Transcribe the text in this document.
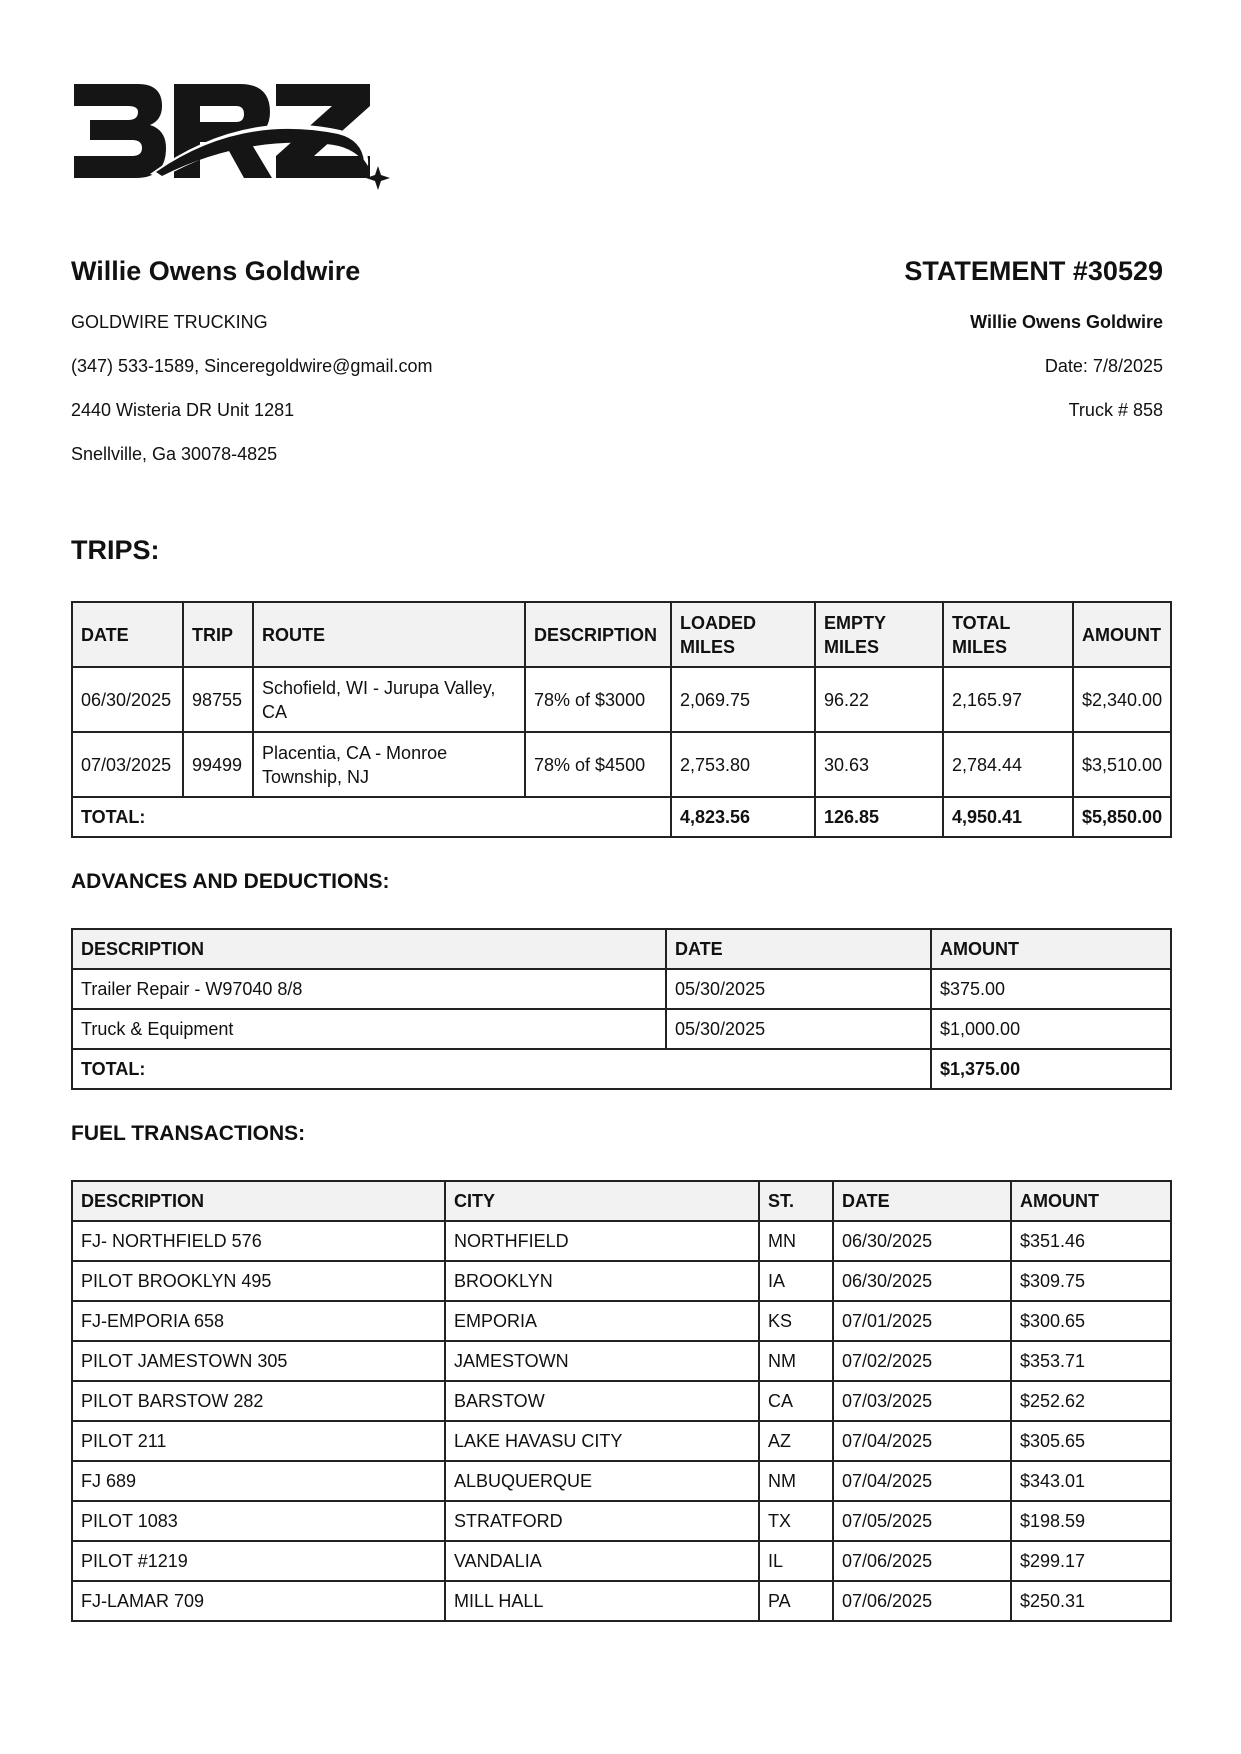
Willie Owens Goldwire

GOLDWIRE TRUCKING

(347) 533-1589, Sinceregoldwire@gmail.com

2440 Wisteria DR Unit 1281

Snellville, Ga 30078-4825

STATEMENT #30529

Willie Owens Goldwire

Date: 7/8/2025

Truck # 858

TRIPS:

DATE	TRIP	ROUTE	DESCRIPTION	LOADED MILES	EMPTY MILES	TOTAL MILES	AMOUNT
06/30/2025	98755	Schofield, WI - Jurupa Valley, CA	78% of $3000	2,069.75	96.22	2,165.97	$2,340.00
07/03/2025	99499	Placentia, CA - Monroe Township, NJ	78% of $4500	2,753.80	30.63	2,784.44	$3,510.00
TOTAL:				4,823.56	126.85	4,950.41	$5,850.00

ADVANCES AND DEDUCTIONS:

DESCRIPTION	DATE	AMOUNT
Trailer Repair - W97040 8/8	05/30/2025	$375.00
Truck & Equipment	05/30/2025	$1,000.00
TOTAL:		$1,375.00

FUEL TRANSACTIONS:

DESCRIPTION	CITY	ST.	DATE	AMOUNT
FJ- NORTHFIELD 576	NORTHFIELD	MN	06/30/2025	$351.46
PILOT BROOKLYN 495	BROOKLYN	IA	06/30/2025	$309.75
FJ-EMPORIA 658	EMPORIA	KS	07/01/2025	$300.65
PILOT JAMESTOWN 305	JAMESTOWN	NM	07/02/2025	$353.71
PILOT BARSTOW 282	BARSTOW	CA	07/03/2025	$252.62
PILOT 211	LAKE HAVASU CITY	AZ	07/04/2025	$305.65
FJ 689	ALBUQUERQUE	NM	07/04/2025	$343.01
PILOT 1083	STRATFORD	TX	07/05/2025	$198.59
PILOT #1219	VANDALIA	IL	07/06/2025	$299.17
FJ-LAMAR 709	MILL HALL	PA	07/06/2025	$250.31
